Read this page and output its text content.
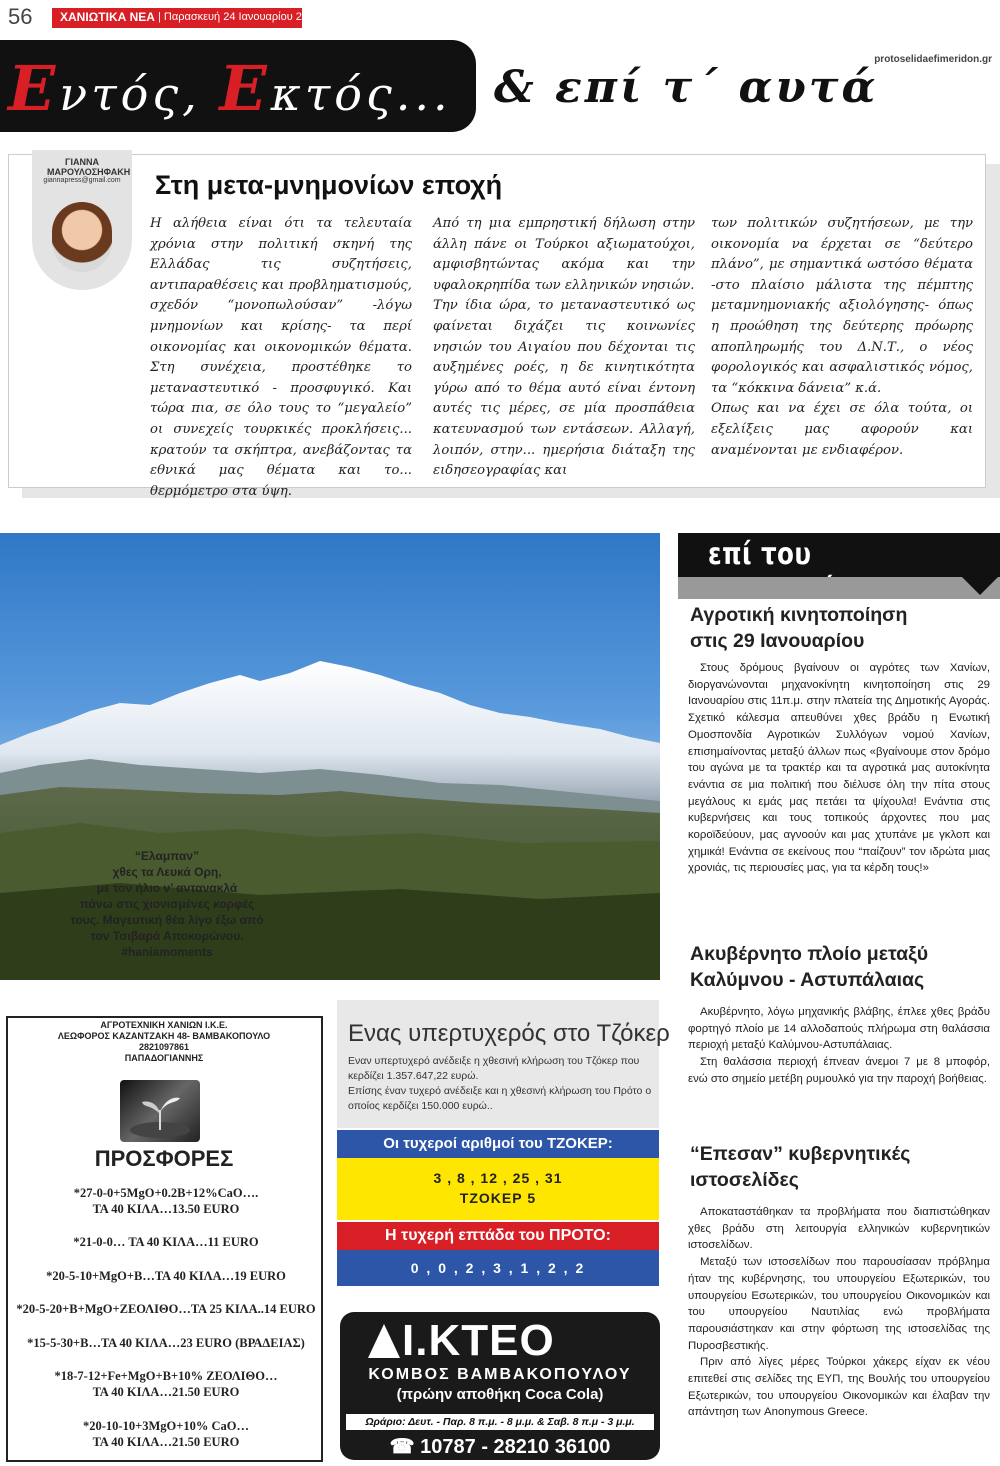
56 ΧΑΝΙΩΤΙΚΑ ΝΕΑ | Παρασκευή 24 Ιανουαρίου 2020
Εντός, Εκτός... & επί τ΄ αυτά
protoselidaefimeridon.gr
ΓΙΑΝΝΑ ΜΑΡΟΥΛΟΣΗΦΑΚΗ
giannapress@gmail.com	Στη μετα-μνημονίων εποχή
Η αλήθεια είναι ότι τα τελευταία χρόνια στην πολιτική σκηνή της Ελλάδας τις συζητήσεις, αντιπαραθέσεις και προβληματισμούς, σχεδόν “μονοπωλούσαν” -λόγω μνημονίων και κρίσης- τα περί οικονομίας και οικονομικών θέματα. Στη συνέχεια, προστέθηκε το μεταναστευτικό - προσφυγικό. Και τώρα πια, σε όλο τους το “μεγαλείο” οι συνεχείς τουρκικές προκλήσεις... κρατούν τα σκήπτρα, ανεβάζοντας τα εθνικά μας θέματα και το... θερμόμετρο στα ύψη.
Από τη μια εμπρηστική δήλωση στην άλλη πάνε οι Τούρκοι αξιωματούχοι, αμφισβητώντας ακόμα και την υφαλοκρηπίδα των ελληνικών νησιών.
Την ίδια ώρα, το μεταναστευτικό ως φαίνεται διχάζει τις κοινωνίες νησιών του Αιγαίου που δέχονται τις αυξημένες ροές, η δε κινητικότητα γύρω από το θέμα αυτό είναι έντονη αυτές τις μέρες, σε μία προσπάθεια κατευνασμού των εντάσεων. Αλλαγή, λοιπόν, στην... ημερήσια διάταξη της ειδησεογραφίας και
των πολιτικών συζητήσεων, με την οικονομία να έρχεται σε “δεύτερο πλάνο”, με σημαντικά ωστόσο θέματα -στο πλαίσιο μάλιστα της πέμπτης μεταμνημονιακής αξιολόγησης- όπως η προώθηση της δεύτερης πρόωρης αποπληρωμής του Δ.Ν.Τ., ο νέος φορολογικός και ασφαλιστικός νόμος, τα “κόκκινα δάνεια” κ.ά.
Οπως και να έχει σε όλα τούτα, οι εξελίξεις μας αφορούν και αναμένονται με ενδιαφέρον.
“Ελαμπαν”
χθες τα Λευκά Ορη,
με τον ήλιο ν’ αντανακλά
πάνω στις χιονισμένες κορφές
τους. Μαγευτική θέα λίγο έξω από
τον Τσιβαρά Αποκορώνου.
#haniamoments
επί του
Αγροτική κινητοποίηση
στις 29 Ιανουαρίου

Στους δρόμους βγαίνουν οι αγρότες των Χανίων, διοργανώνονται μηχανοκίνητη κινητοποίηση στις 29 Ιανουαρίου στις 11π.μ. στην πλατεία της Δημοτικής Αγοράς. Σχετικό κάλεσμα απευθύνει χθες βράδυ η Ενωτική Ομοσπονδία Αγροτικών Συλλόγων νομού Χανίων, επισημαίνοντας μεταξύ άλλων πως «βγαίνουμε στον δρόμο του αγώνα με τα τρακτέρ και τα αγροτικά μας αυτοκίνητα ενάντια σε μια πολιτική που διέλυσε όλη την πίτα στους μεγάλους κι εμάς μας πετάει τα ψίχουλα! Ενάντια στις κυβερνήσεις και τους τοπικούς άρχοντες που μας κοροϊδεύουν, μας αγνοούν και μας χτυπάνε με γκλοπ και χημικά! Ενάντια σε εκείνους που “παίζουν” τον ιδρώτα μιας χρονιάς, τις περιουσίες μας, για τα κέρδη τους!»

Ακυβέρνητο πλοίο μεταξύ
Καλύμνου - Αστυπάλαιας

Ακυβέρνητο, λόγω μηχανικής βλάβης, έπλεε χθες βράδυ φορτηγό πλοίο με 14 αλλοδαπούς πλήρωμα στη θαλάσσια περιοχή μεταξύ Καλύμνου-Αστυπάλαιας.

Στη θαλάσσια περιοχή έπνεαν άνεμοι 7 με 8 μποφόρ, ενώ στο σημείο μετέβη ρυμουλκό για την παροχή βοήθειας.

“Επεσαν” κυβερνητικές
ιστοσελίδες

Αποκαταστάθηκαν τα προβλήματα που διαπιστώθηκαν χθες βράδυ στη λειτουργία ελληνικών κυβερνητικών ιστοσελίδων.

Μεταξύ των ιστοσελίδων που παρουσίασαν πρόβλημα ήταν της κυβέρνησης, του υπουργείου Εξωτερικών, του υπουργείου Εσωτερικών, του υπουργείου Οικονομικών και του υπουργείου Ναυτιλίας ενώ προβλήματα παρουσιάστηκαν και στην φόρτωση της ιστοσελίδας της Πυροσβεστικής.

Πριν από λίγες μέρες Τούρκοι χάκερς είχαν εκ νέου επιτεθεί στις σελίδες της ΕΥΠ, της Βουλής του υπουργείου Εξωτερικών, του υπουργείου Οικονομικών και έλαβαν την απάντηση των Anonymous Greece.

ΑΓΡΟΤΕΧΝΙΚΗ ΧΑΝΙΩΝ Ι.Κ.Ε.
ΛΕΩΦΟΡΟΣ ΚΑΖΑΝΤΖΑΚΗ 48- ΒΑΜΒΑΚΟΠΟΥΛΟ
2821097861
ΠΑΠΑΔΟΓΙΑΝΝΗΣ
ΠΡΟΣΦΟΡΕΣ
*27-0-0+5MgO+0.2B+12%CaO….
ΤΑ 40 ΚΙΛΑ…13.50 EURO
*21-0-0… ΤΑ 40 ΚΙΛΑ…11 EURO
*20-5-10+MgO+B…ΤΑ 40 ΚΙΛΑ…19 EURO
*20-5-20+B+MgO+ΖΕΟΛΙΘΟ…ΤΑ 25 ΚΙΛΑ..14 EURO
*15-5-30+B…ΤΑ 40 ΚΙΛΑ…23 EURO (ΒΡΑΔΕΙΑΣ)
*18-7-12+Fe+MgO+B+10% ΖΕΟΛΙΘΟ…
ΤΑ 40 ΚΙΛΑ…21.50 EURO
*20-10-10+3MgO+10% CaO…
ΤΑ 40 ΚΙΛΑ…21.50 EURO
Ενας υπερτυχερός στο Τζόκερ
Εναν υπερτυχερό ανέδειξε η χθεσινή κλήρωση του Τζόκερ που κερδίζει 1.357.647,22 ευρώ.
Επίσης έναν τυχερό ανέδειξε και η χθεσινή κλήρωση του Πρότο ο οποίος κερδίζει 150.000 ευρώ..
Οι τυχεροί αριθμοί του ΤΖΟΚΕΡ:
3 , 8 , 12 , 25 , 31
ΤΖΟΚΕΡ 5
Η τυχερή επτάδα του ΠΡΟΤΟ:
0 , 0 , 2 , 3 , 1 , 2 , 2
Ι.ΚΤΕΟ
ΚΟΜΒΟΣ ΒΑΜΒΑΚΟΠΟΥΛΟΥ
(πρώην αποθήκη Coca Cola)
Ωράριο: Δευτ. - Παρ. 8 π.μ. - 8 μ.μ. & Σαβ. 8 π.μ - 3 μ.μ.
☎ 10787 - 28210 36100
